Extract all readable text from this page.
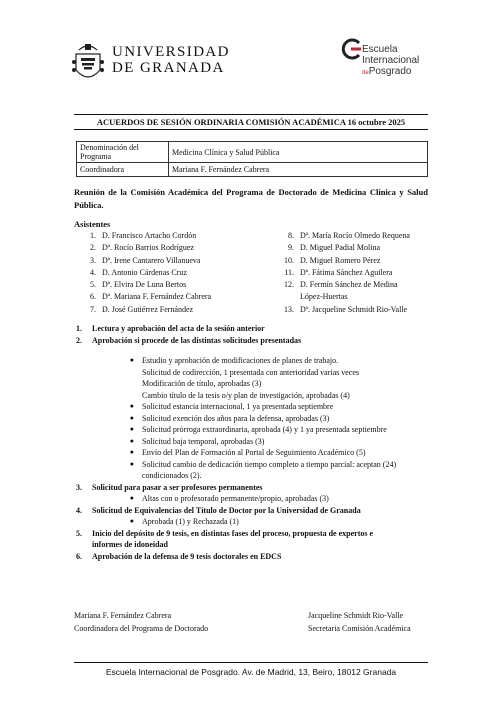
UNIVERSIDAD
DE GRANADA
Escuela
Internacional
dePosgrado
ACUERDOS DE SESIÓN ORDINARIA COMISIÓN ACADÉMICA 16 octubre 2025
Denominación del Programa	Medicina Clínica y Salud Pública
Coordinadora	Mariana F. Fernández Cabrera
Reunión de la Comisión Académica del Programa de Doctorado de Medicina Clínica y Salud Pública.
Asistentes
1. D. Francisco Artacho Cordón
2. Dª. Rocío Barrios Rodríguez
3. Dª. Irene Cantarero Villanueva
4. D. Antonio Cárdenas Cruz
5. Dª. Elvira De Luna Bertos
6. Dª. Mariana F. Fernández Cabrera
7. D. José Gutiérrez Fernández
8. Dª. María Rocío Olmedo Requena
9. D. Miguel Padial Molina
10. D. Miguel Romero Pérez
11. Dª. Fátima Sánchez Aguilera
12. D. Fermín Sánchez de Medina
López-Huertas
13. Dª. Jacqueline Schmidt Rio-Valle
1.	Lectura y aprobación del acta de la sesión anterior
2.	Aprobación si procede de las distintas solicitudes presentadas
●	Estudio y aprobación de modificaciones de planes de trabajo.
Solicitud de codirección, 1 presentada con anterioridad varias veces
Modificación de título, aprobadas (3)
Cambio título de la tesis o/y plan de investigación, aprobadas (4)
●	Solicitud estancia internacional, 1 ya presentada septiembre
●	Solicitud exención dos años para la defensa, aprobadas (3)
●	Solicitud prórroga extraordinaria, aprobada (4) y 1 ya presentada septiembre
●	Solicitud baja temporal, aprobadas (3)
●	Envío del Plan de Formación al Portal de Seguimiento Académico (5)
●	Solicitud cambio de dedicación tiempo completo a tiempo parcial: aceptan (24)
condicionados (2).
3.	Solicitud para pasar a ser profesores permanentes
●	Altas con o profesorado permanente/propio, aprobadas (3)
4.	Solicitud de Equivalencias del Título de Doctor por la Universidad de Granada
●	Aprobada (1) y Rechazada (1)
5.	Inicio del depósito de 9 tesis, en distintas fases del proceso, propuesta de expertos e
informes de idoneidad
6.	Aprobación de la defensa de 9 tesis doctorales en EDCS
Mariana F. Fernández Cabrera
Coordinadora del Programa de Doctorado
Jacqueline Schmidt Rio-Valle
Secretaria Comisión Académica
Escuela Internacional de Posgrado. Av. de Madrid, 13, Beiro, 18012 Granada
